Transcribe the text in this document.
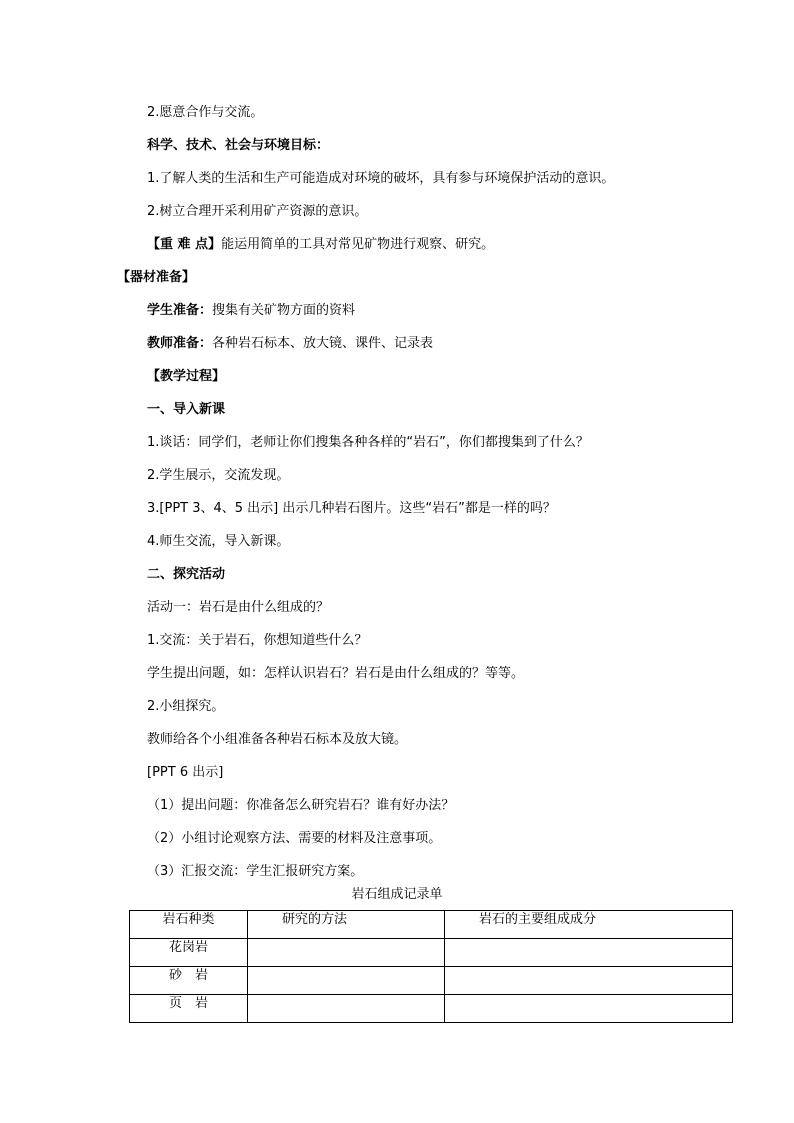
2.愿意合作与交流。
科学、技术、社会与环境目标：
1.了解人类的生活和生产可能造成对环境的破坏，具有参与环境保护活动的意识。
2.树立合理开采利用矿产资源的意识。
【重 难 点】能运用简单的工具对常见矿物进行观察、研究。
【器材准备】
学生准备：搜集有关矿物方面的资料
教师准备：各种岩石标本、放大镜、课件、记录表
【教学过程】
一、导入新课
1.谈话：同学们，老师让你们搜集各种各样的“岩石”，你们都搜集到了什么？
2.学生展示，交流发现。
3.[PPT 3、4、5 出示] 出示几种岩石图片。这些“岩石”都是一样的吗？
4.师生交流，导入新课。
二、探究活动
活动一：岩石是由什么组成的？
1.交流：关于岩石，你想知道些什么？
学生提出问题，如：怎样认识岩石？岩石是由什么组成的？等等。
2.小组探究。
教师给各个小组准备各种岩石标本及放大镜。
[PPT 6 出示]
（1）提出问题：你准备怎么研究岩石？谁有好办法？
（2）小组讨论观察方法、需要的材料及注意事项。
（3）汇报交流：学生汇报研究方案。
岩石组成记录单
岩石种类	研究的方法	岩石的主要组成成分
花岗岩		
砂　岩		
页　岩		
